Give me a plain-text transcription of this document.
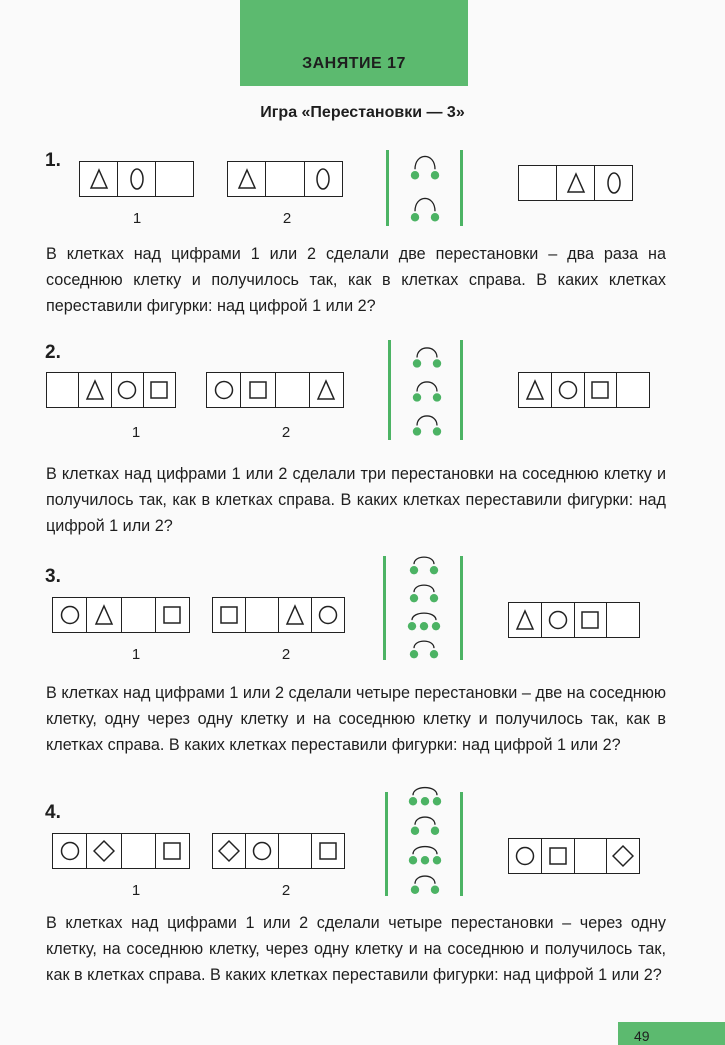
ЗАНЯТИЕ 17
Игра «Перестановки — 3»
1.
1	2
В клетках над цифрами 1 или 2 сделали две перестановки – два раза на соседнюю клетку и получилось так, как в клетках справа. В каких клетках переставили фигурки: над цифрой 1 или 2?
2.
1	2
В клетках над цифрами 1 или 2 сделали три перестановки на соседнюю клетку и получилось так, как в клетках справа. В каких клетках переставили фигурки: над цифрой 1 или 2?
3.
1	2
В клетках над цифрами 1 или 2 сделали четыре перестановки – две на соседнюю клетку, одну через одну клетку и на соседнюю клетку и получилось так, как в клетках справа. В каких клетках переставили фигурки: над цифрой 1 или 2?
4.
1	2
В клетках над цифрами 1 или 2 сделали четыре перестановки – через одну клетку, на соседнюю клетку, через одну клетку и на соседнюю и получилось так, как в клетках справа. В каких клетках переставили фигурки: над цифрой 1 или 2?
49
